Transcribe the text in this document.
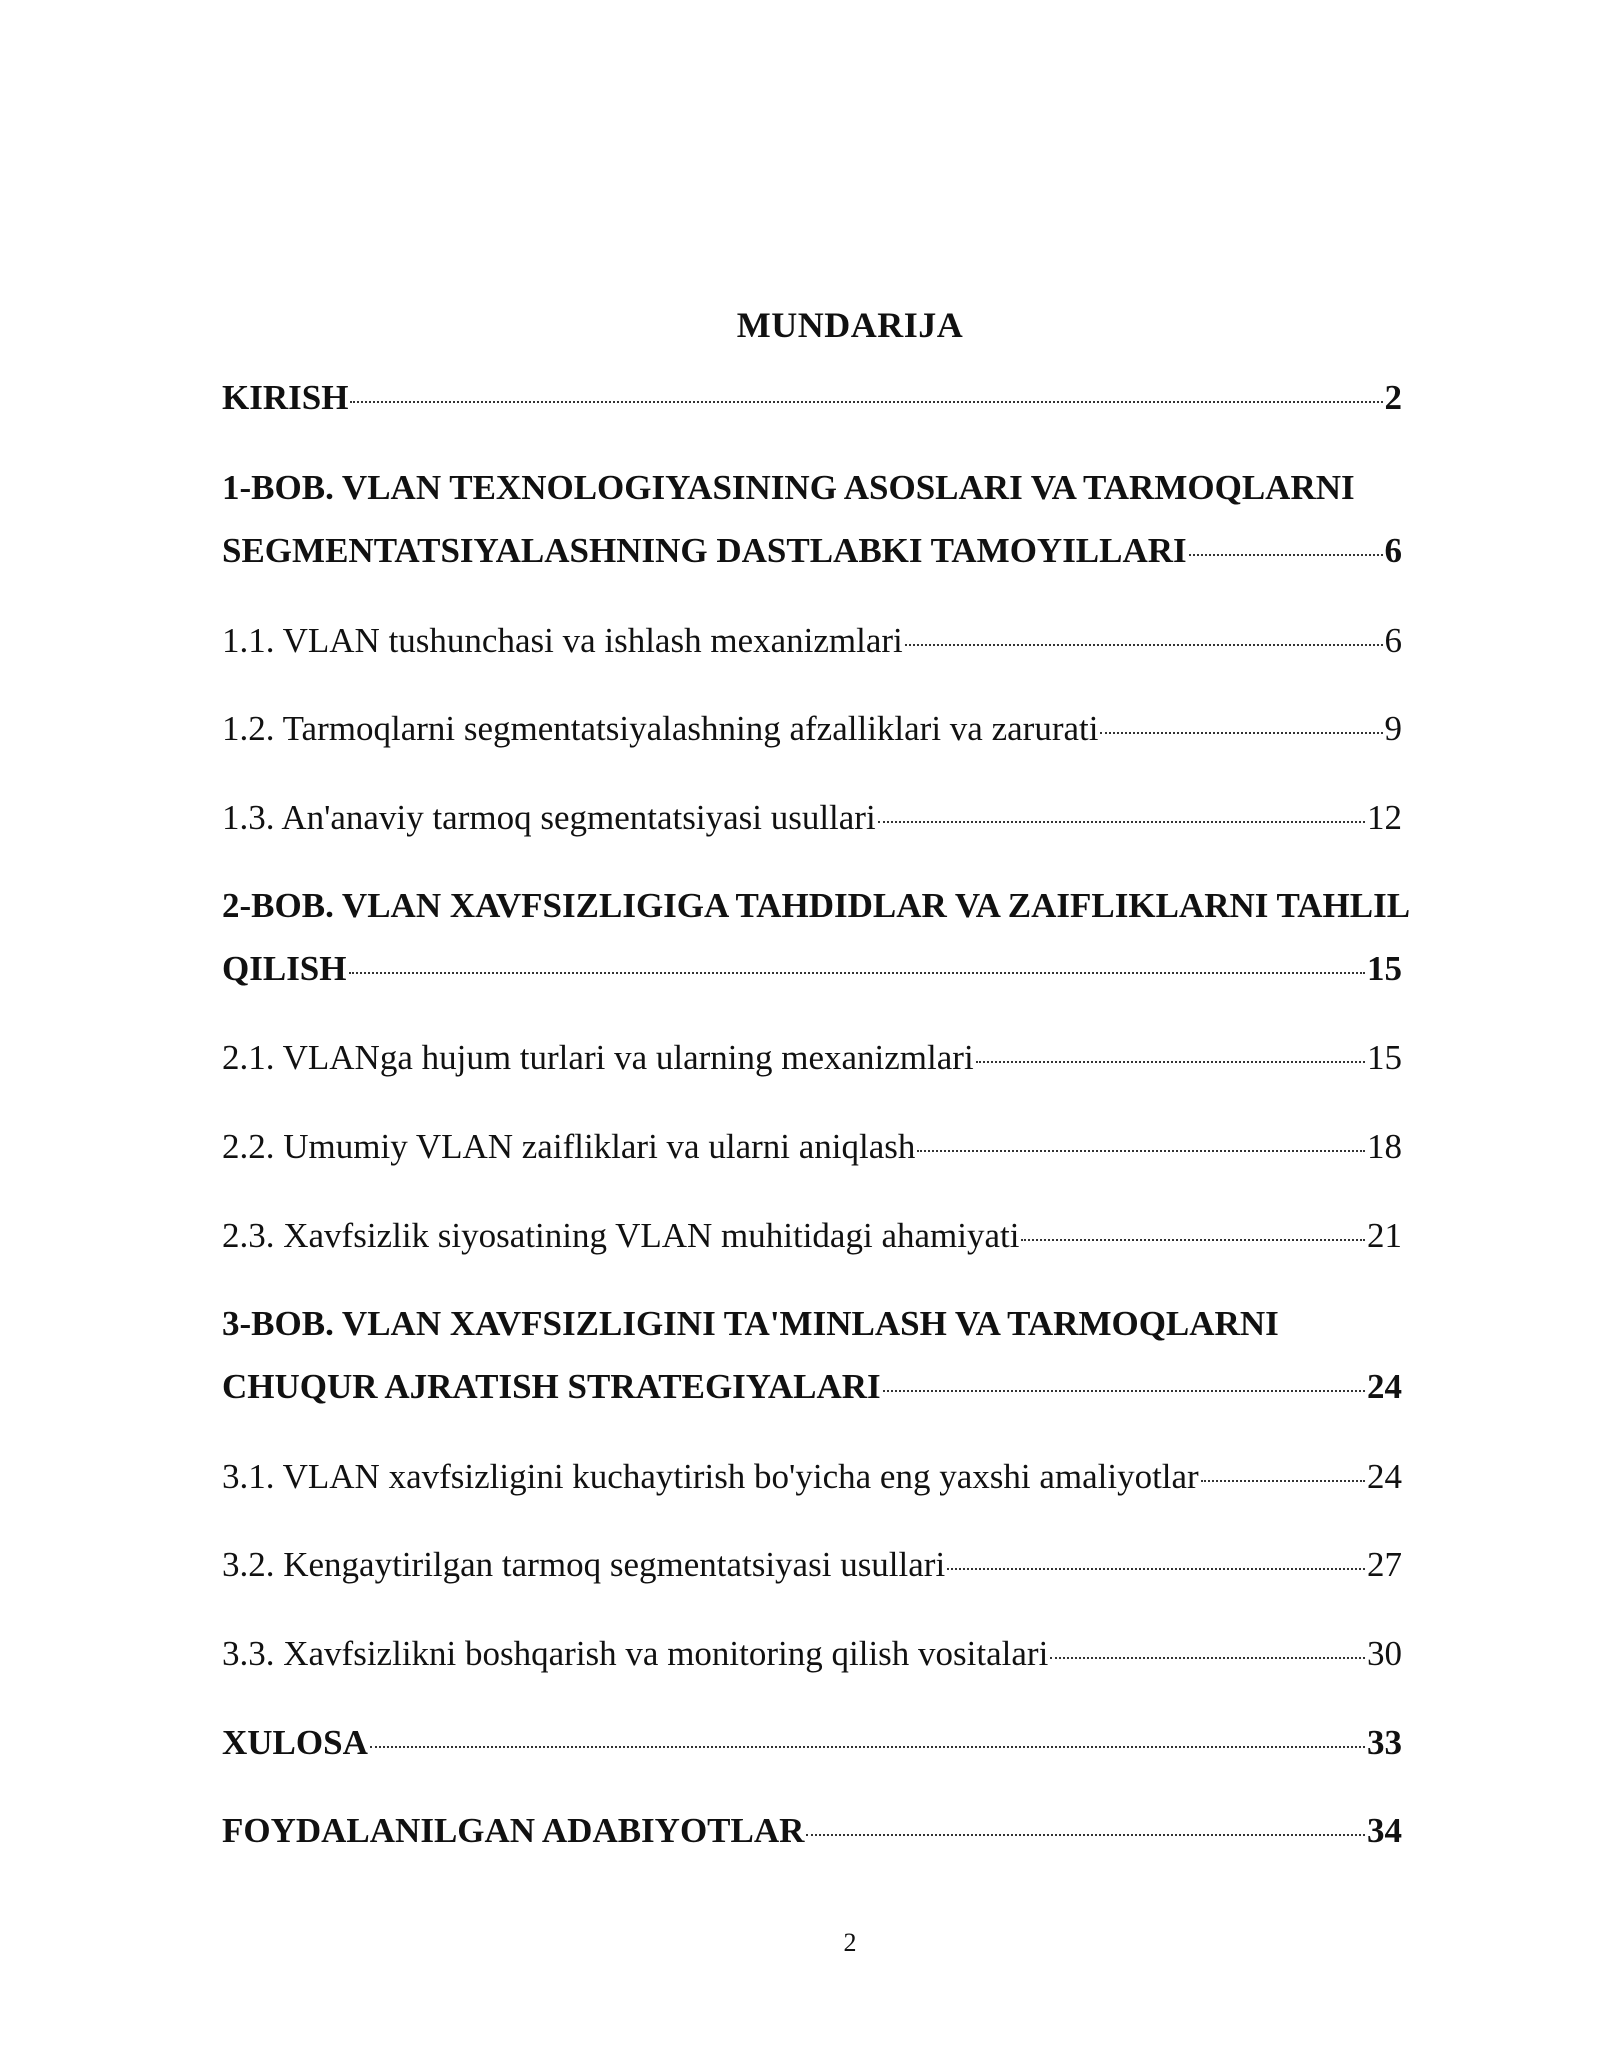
MUNDARIJA
KIRISH	2
1-BOB. VLAN TEXNOLOGIYASINING ASOSLARI VA TARMOQLARNI
SEGMENTATSIYALASHNING DASTLABKI TAMOYILLARI	6
1.1. VLAN tushunchasi va ishlash mexanizmlari	6
1.2. Tarmoqlarni segmentatsiyalashning afzalliklari va zarurati	9
1.3. An'anaviy tarmoq segmentatsiyasi usullari	12
2-BOB. VLAN XAVFSIZLIGIGA TAHDIDLAR VA ZAIFLIKLARNI TAHLIL
QILISH	15
2.1. VLANga hujum turlari va ularning mexanizmlari	15
2.2. Umumiy VLAN zaifliklari va ularni aniqlash	18
2.3. Xavfsizlik siyosatining VLAN muhitidagi ahamiyati	21
3-BOB. VLAN XAVFSIZLIGINI TA'MINLASH VA TARMOQLARNI
CHUQUR AJRATISH STRATEGIYALARI	24
3.1. VLAN xavfsizligini kuchaytirish bo'yicha eng yaxshi amaliyotlar	24
3.2. Kengaytirilgan tarmoq segmentatsiyasi usullari	27
3.3. Xavfsizlikni boshqarish va monitoring qilish vositalari	30
XULOSA	33
FOYDALANILGAN ADABIYOTLAR	34
2
